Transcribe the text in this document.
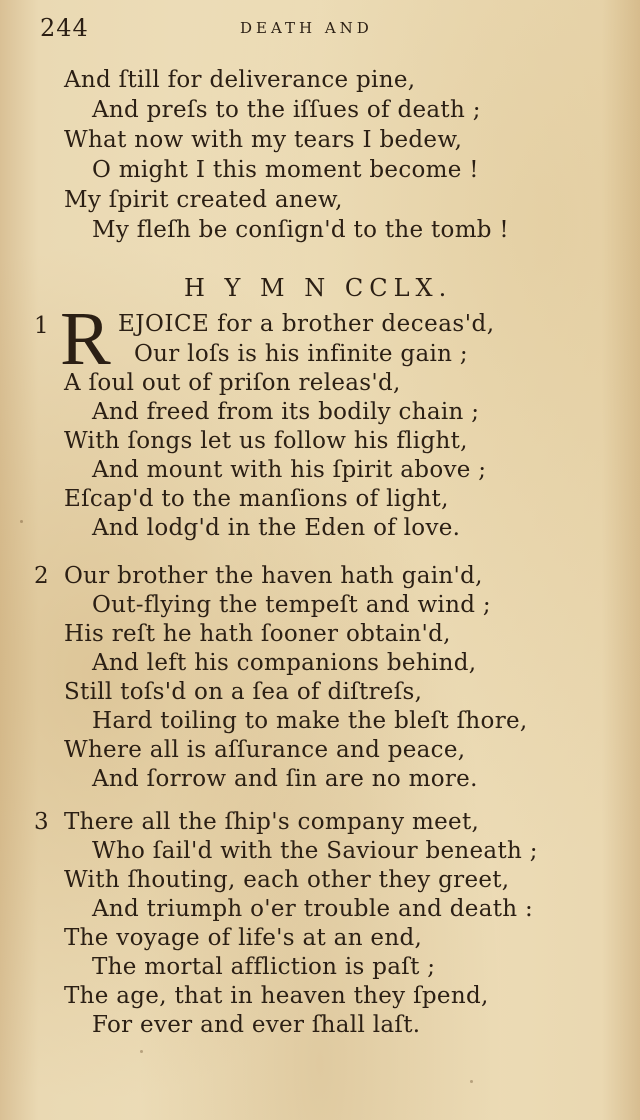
244	DEATH AND
And ſtill for deliverance pine,
And preſs to the iſſues of death ;
What now with my tears I bedew,
O might I this moment become !
My ſpirit created anew,
My fleſh be conſign'd to the tomb !
H Y M N CCLX.
1 R EJOICE for a brother deceas'd,
Our loſs is his infinite gain ;
A ſoul out of priſon releas'd,
And freed from its bodily chain ;
With ſongs let us follow his flight,
And mount with his ſpirit above ;
Eſcap'd to the manſions of light,
And lodg'd in the Eden of love.
2 Our brother the haven hath gain'd,
Out-flying the tempeſt and wind ;
His reſt he hath ſooner obtain'd,
And left his companions behind,
Still toſs'd on a ſea of diſtreſs,
Hard toiling to make the bleſt ſhore,
Where all is aſſurance and peace,
And ſorrow and ſin are no more.
3 There all the ſhip's company meet,
Who ſail'd with the Saviour beneath ;
With ſhouting, each other they greet,
And triumph o'er trouble and death :
The voyage of life's at an end,
The mortal affliction is paſt ;
The age, that in heaven they ſpend,
For ever and ever ſhall laſt.
